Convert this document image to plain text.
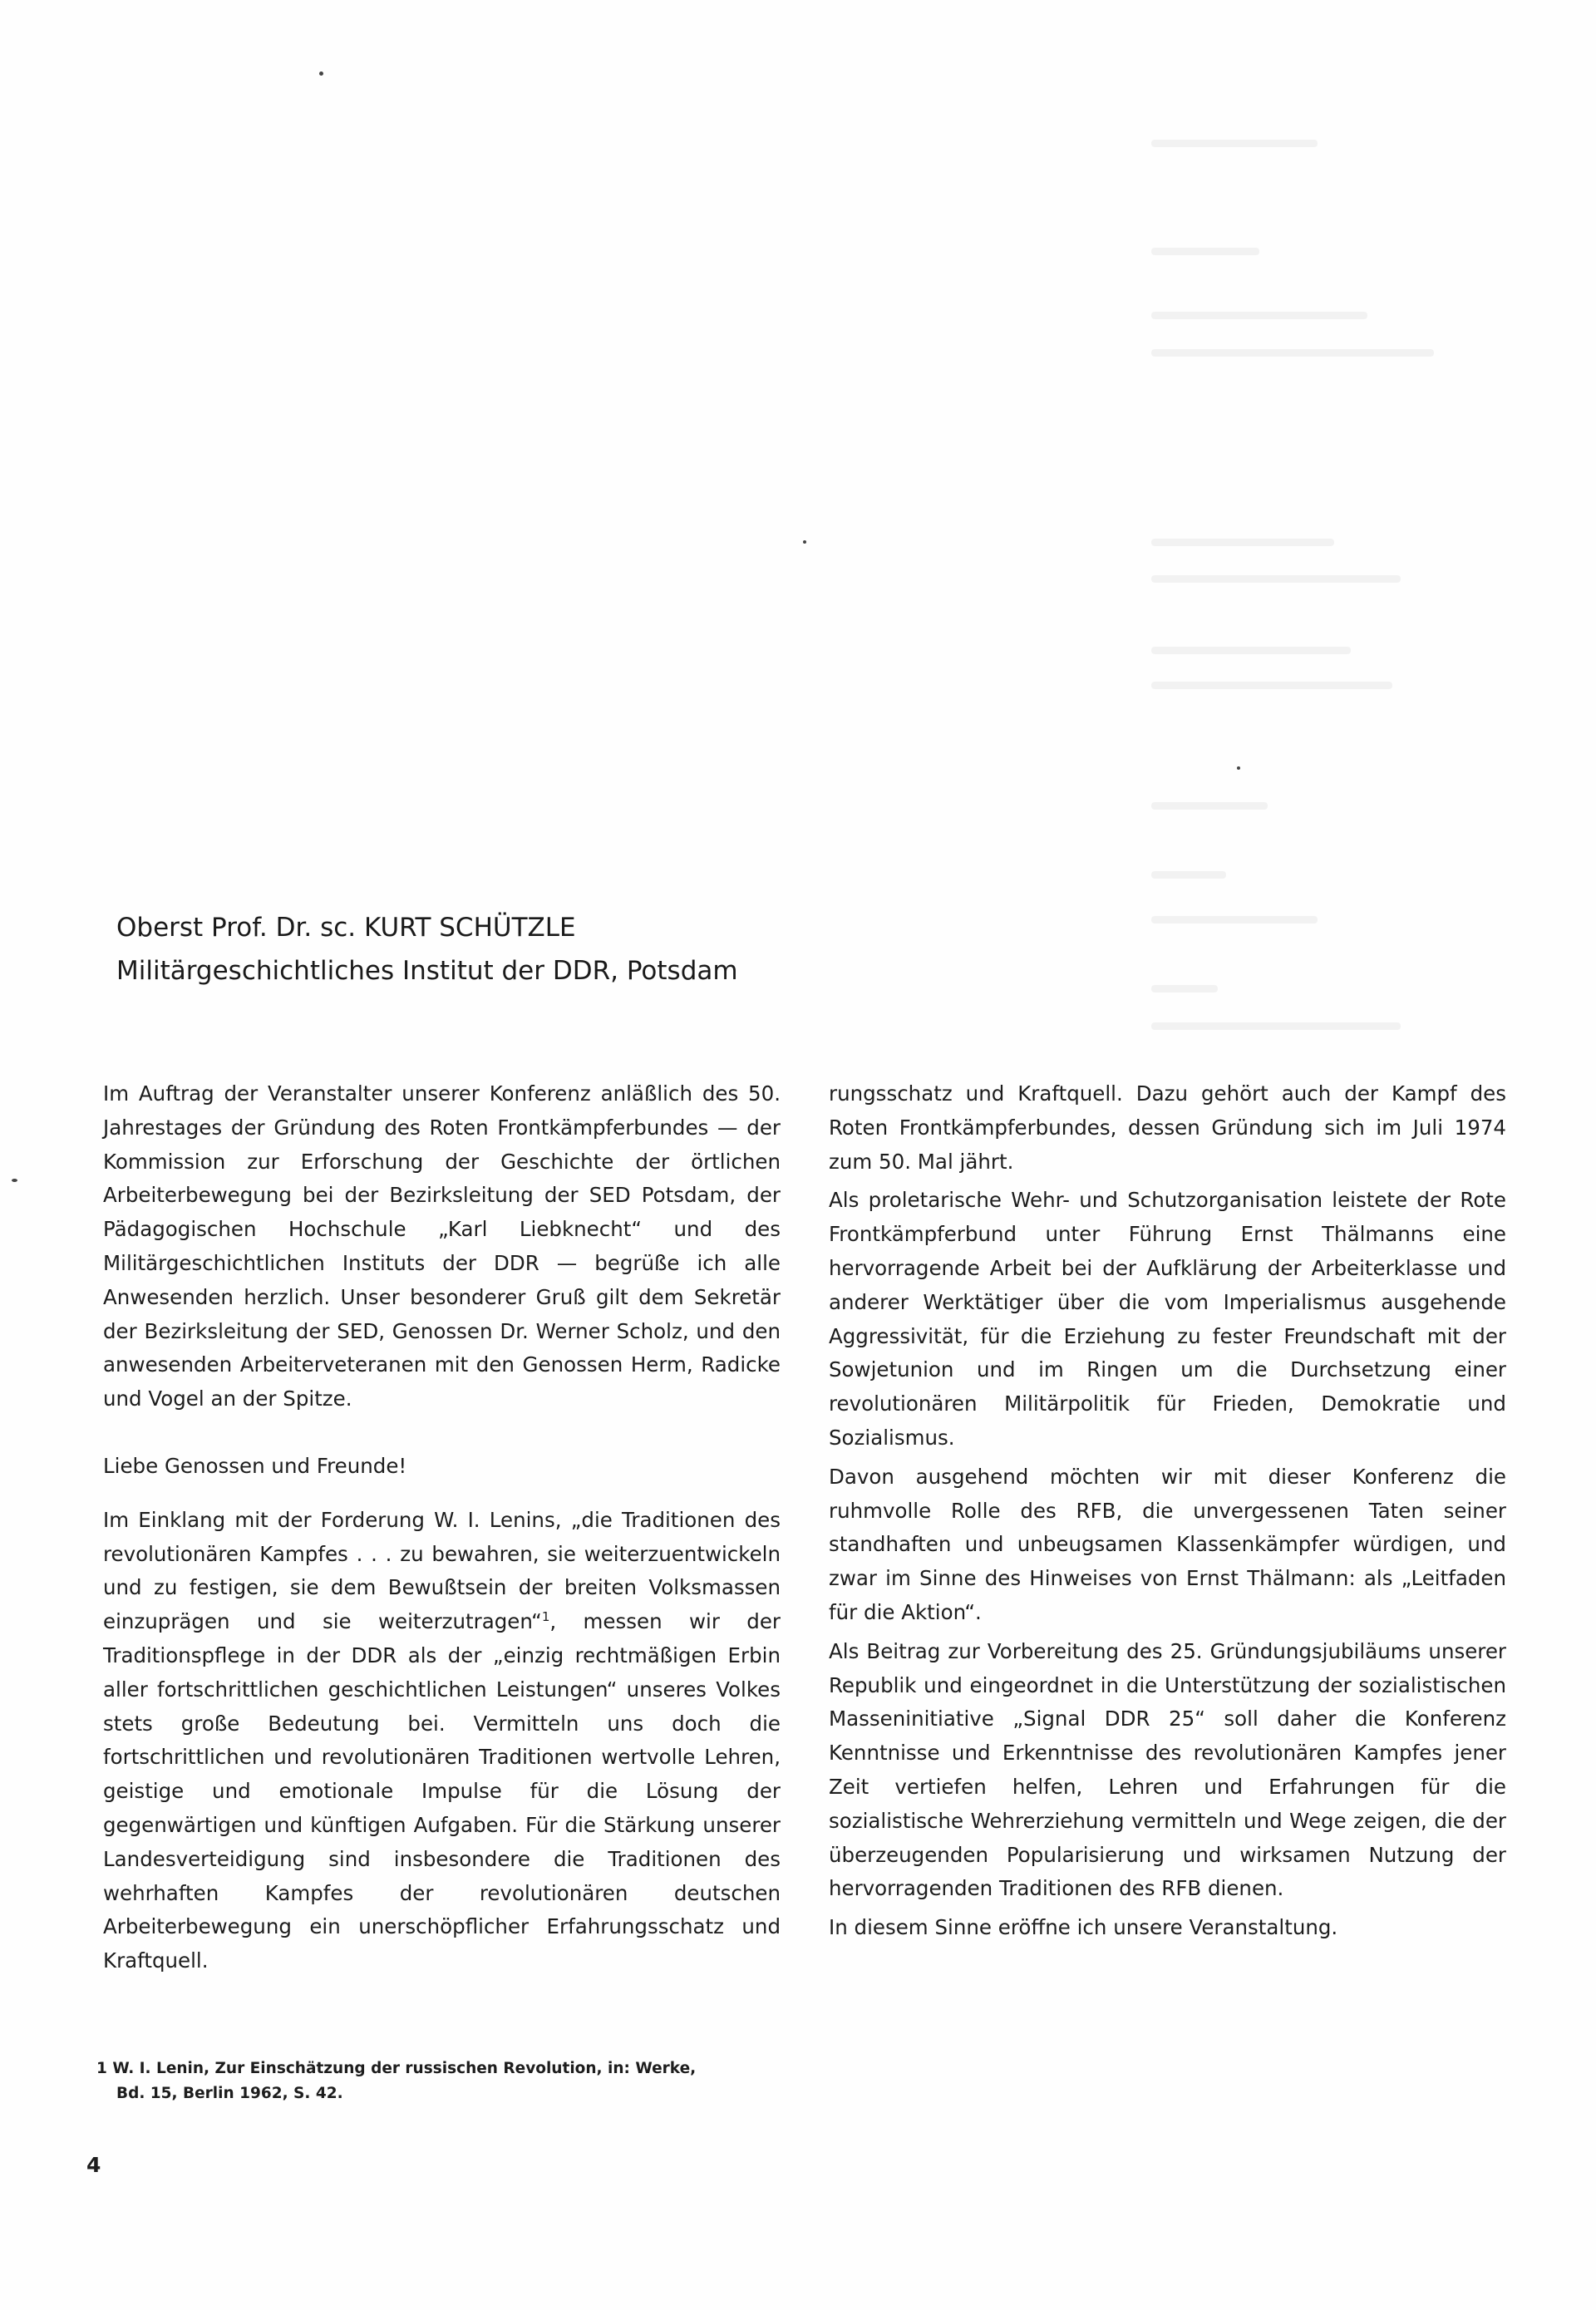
Oberst Prof. Dr. sc. KURT SCHÜTZLE
Militärgeschichtliches Institut der DDR, Potsdam

Im Auftrag der Veranstalter unserer Konferenz anläßlich des 50. Jahrestages der Gründung des Roten Frontkämpferbundes — der Kommission zur Erforschung der Geschichte der örtlichen Arbeiterbewegung bei der Bezirksleitung der SED Potsdam, der Pädagogischen Hochschule „Karl Liebknecht“ und des Militärgeschichtlichen Instituts der DDR — begrüße ich alle Anwesenden herzlich. Unser besonderer Gruß gilt dem Sekretär der Bezirksleitung der SED, Genossen Dr. Werner Scholz, und den anwesenden Arbeiterveteranen mit den Genossen Herm, Radicke und Vogel an der Spitze.

Liebe Genossen und Freunde!

Im Einklang mit der Forderung W. I. Lenins, „die Traditionen des revolutionären Kampfes . . . zu bewahren, sie weiterzuentwickeln und zu festigen, sie dem Bewußtsein der breiten Volksmassen einzuprägen und sie weiterzutragen“$^1$, messen wir der Traditionspflege in der DDR als der „einzig rechtmäßigen Erbin aller fortschrittlichen geschichtlichen Leistungen“ unseres Volkes stets große Bedeutung bei. Vermitteln uns doch die fortschrittlichen und revolutionären Traditionen wertvolle Lehren, geistige und emotionale Impulse für die Lösung der gegenwärtigen und künftigen Aufgaben. Für die Stärkung unserer Landesverteidigung sind insbesondere die Traditionen des wehrhaften Kampfes der revolutionären deutschen Arbeiterbewegung ein unerschöpflicher Erfahrungsschatz und Kraftquell.

rungsschatz und Kraftquell. Dazu gehört auch der Kampf des Roten Frontkämpferbundes, dessen Gründung sich im Juli 1974 zum 50. Mal jährt.

Als proletarische Wehr- und Schutzorganisation leistete der Rote Frontkämpferbund unter Führung Ernst Thälmanns eine hervorragende Arbeit bei der Aufklärung der Arbeiterklasse und anderer Werktätiger über die vom Imperialismus ausgehende Aggressivität, für die Erziehung zu fester Freundschaft mit der Sowjetunion und im Ringen um die Durchsetzung einer revolutionären Militärpolitik für Frieden, Demokratie und Sozialismus.

Davon ausgehend möchten wir mit dieser Konferenz die ruhmvolle Rolle des RFB, die unvergessenen Taten seiner standhaften und unbeugsamen Klassenkämpfer würdigen, und zwar im Sinne des Hinweises von Ernst Thälmann: als „Leitfaden für die Aktion“.

Als Beitrag zur Vorbereitung des 25. Gründungsjubiläums unserer Republik und eingeordnet in die Unterstützung der sozialistischen Masseninitiative „Signal DDR 25“ soll daher die Konferenz Kenntnisse und Erkenntnisse des revolutionären Kampfes jener Zeit vertiefen helfen, Lehren und Erfahrungen für die sozialistische Wehrerziehung vermitteln und Wege zeigen, die der überzeugenden Popularisierung und wirksamen Nutzung der hervorragenden Traditionen des RFB dienen.

In diesem Sinne eröffne ich unsere Veranstaltung.

1 W. I. Lenin, Zur Einschätzung der russischen Revolution, in: Werke,
Bd. 15, Berlin 1962, S. 42.
4
